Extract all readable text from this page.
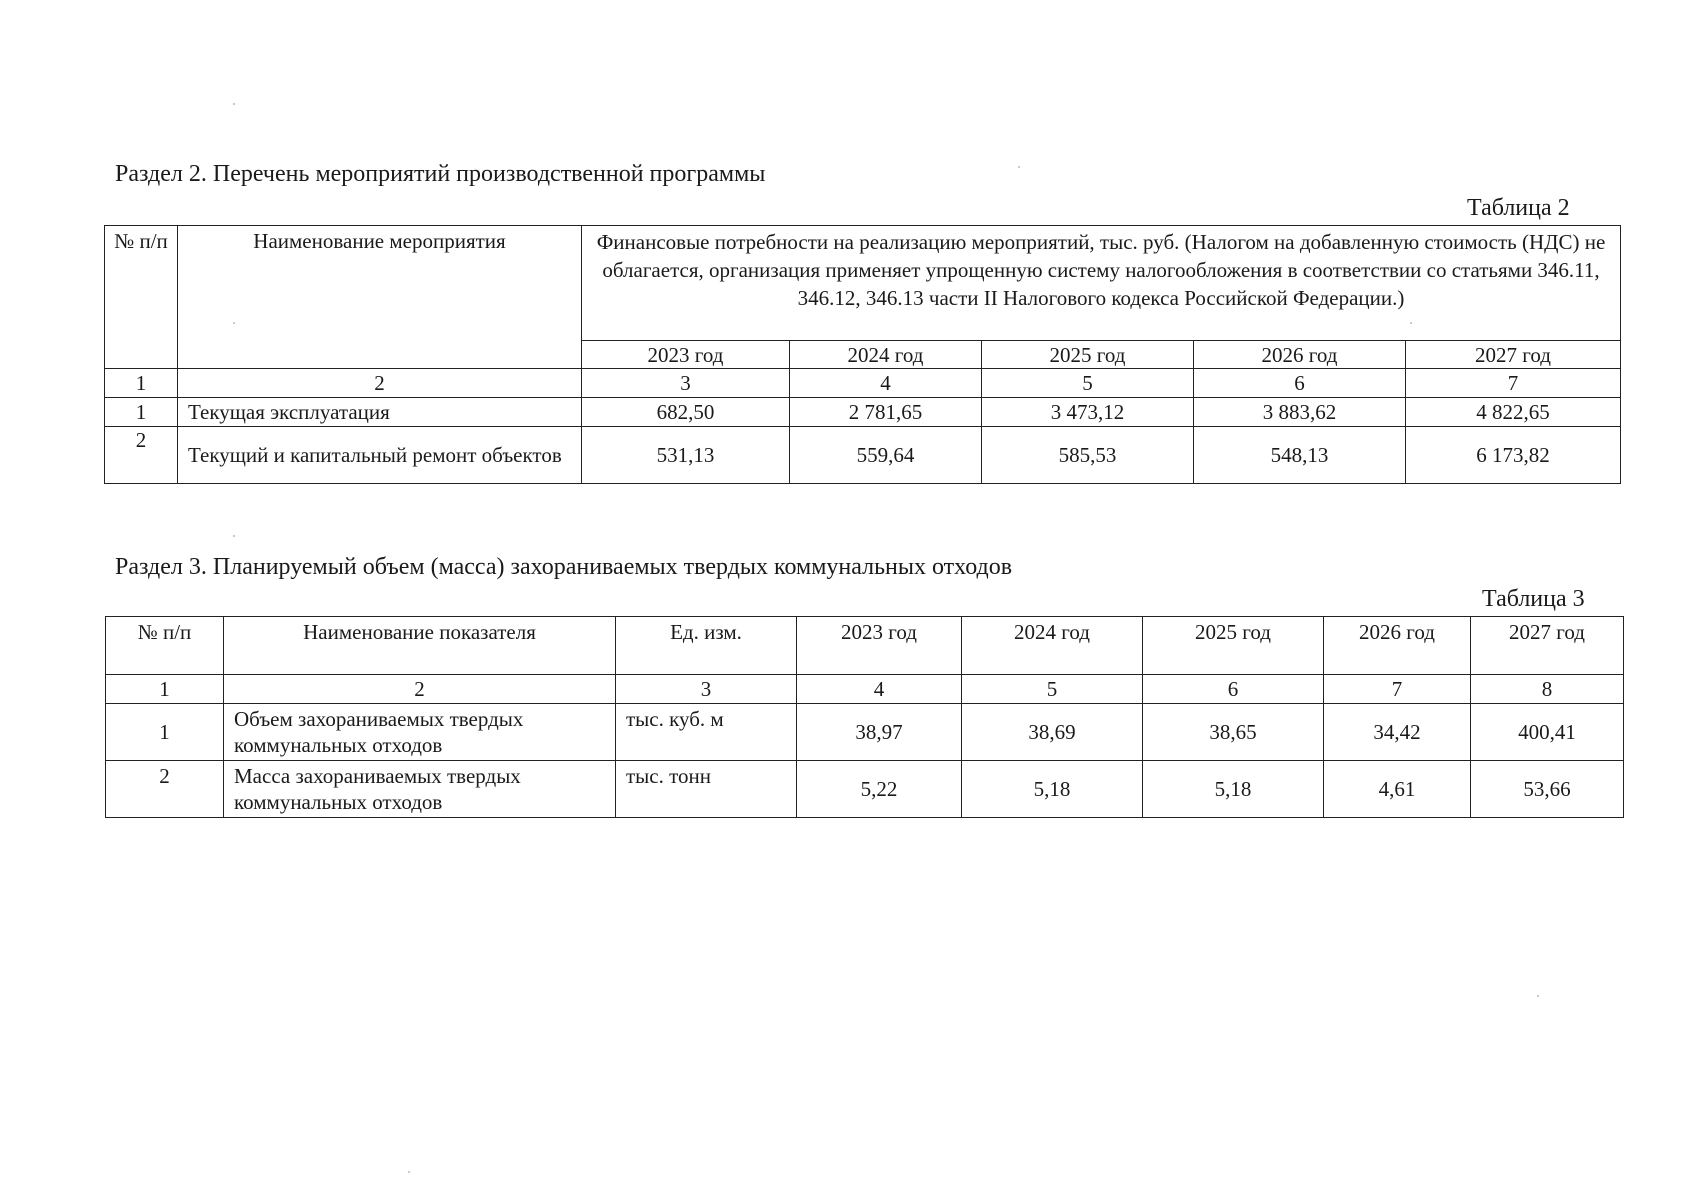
Раздел 2. Перечень мероприятий производственной программы
Таблица 2
№ п/п	Наименование мероприятия	Финансовые потребности на реализацию мероприятий, тыс. руб. (Налогом на добавленную стоимость (НДС) не облагается, организация применяет упрощенную систему налогообложения в соответствии со статьями 346.11, 346.12, 346.13 части II Налогового кодекса Российской Федерации.)				
		2023 год	2024 год	2025 год	2026 год	2027 год
1	2	3	4	5	6	7
1	Текущая эксплуатация	682,50	2 781,65	3 473,12	3 883,62	4 822,65
2	Текущий и капитальный ремонт объектов	531,13	559,64	585,53	548,13	6 173,82
Раздел 3. Планируемый объем (масса) захораниваемых твердых коммунальных отходов
Таблица 3
№ п/п	Наименование показателя	Ед. изм.	2023 год	2024 год	2025 год	2026 год	2027 год
1	2	3	4	5	6	7	8
1	Объем захораниваемых твердых коммунальных отходов	тыс. куб. м	38,97	38,69	38,65	34,42	400,41
2	Масса захораниваемых твердых коммунальных отходов	тыс. тонн	5,22	5,18	5,18	4,61	53,66
